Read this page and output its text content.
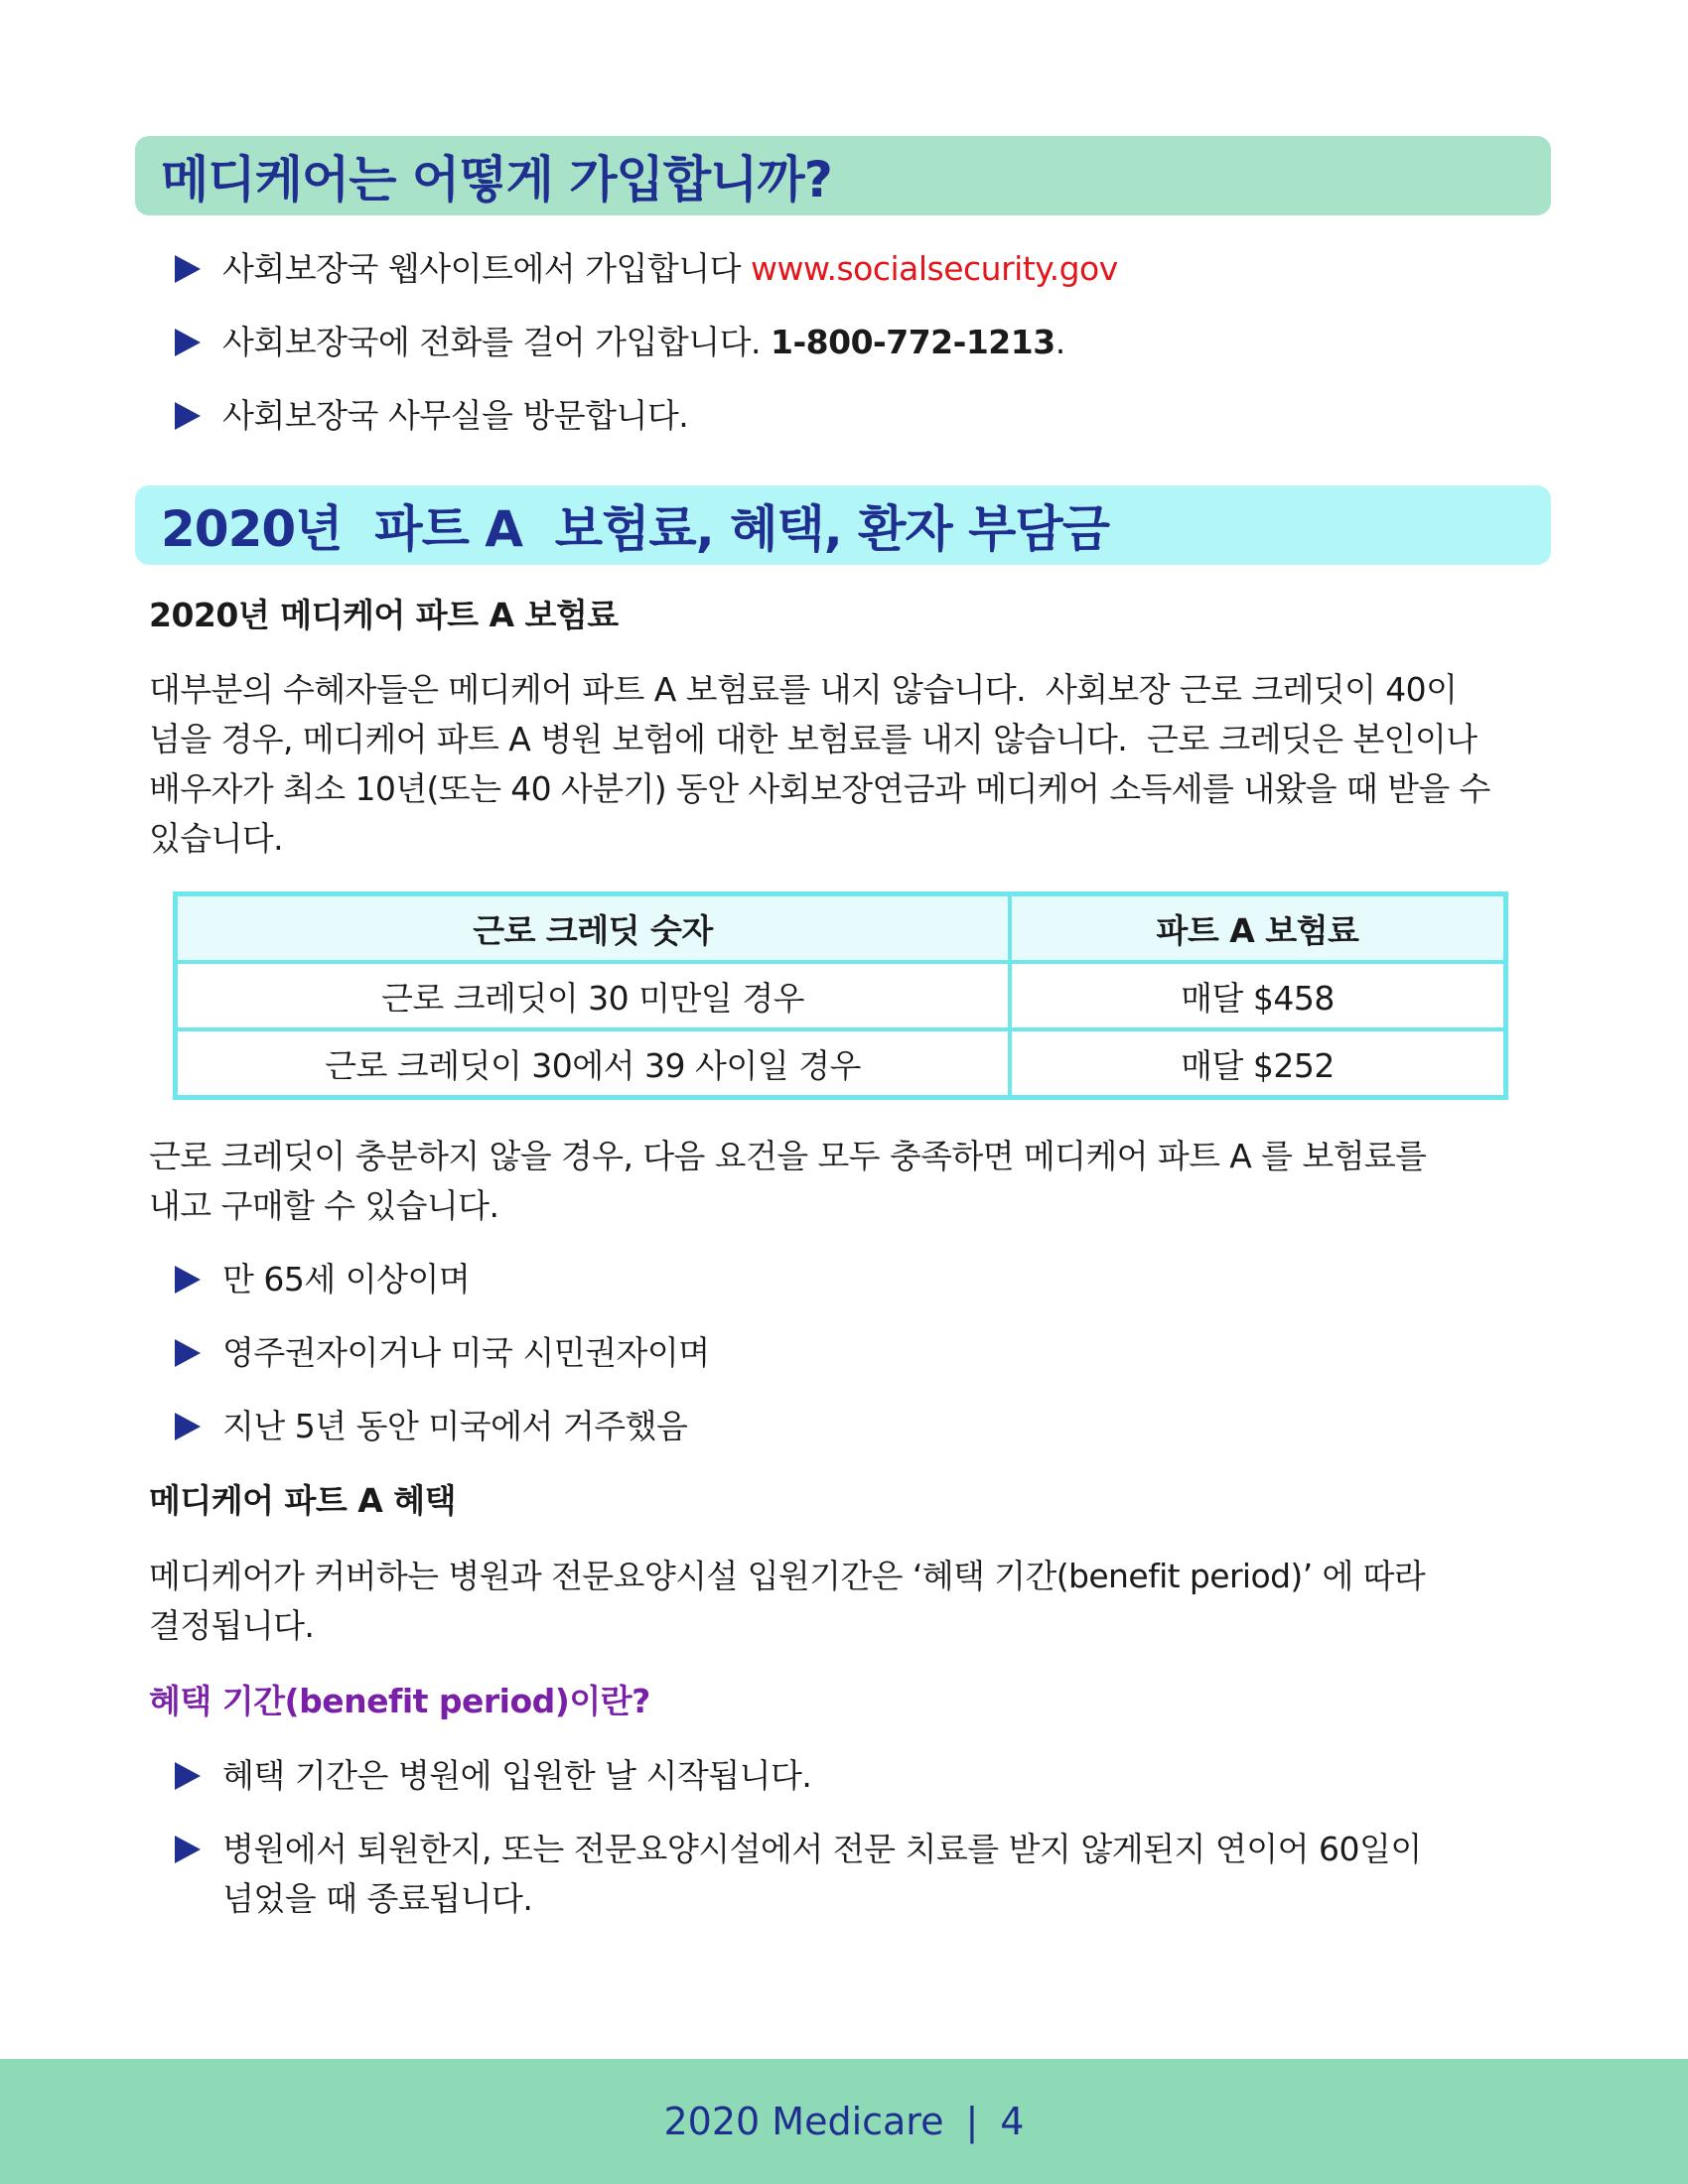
메디케어는 어떻게 가입합니까?
사회보장국 웹사이트에서 가입합니다 www.socialsecurity.gov
사회보장국에 전화를 걸어 가입합니다. 1-800-772-1213.
사회보장국 사무실을 방문합니다.
2020년  파트 A  보험료, 혜택, 환자 부담금
2020년 메디케어 파트 A 보험료
대부분의 수혜자들은 메디케어 파트 A 보험료를 내지 않습니다.  사회보장 근로 크레딧이 40이
넘을 경우, 메디케어 파트 A 병원 보험에 대한 보험료를 내지 않습니다.  근로 크레딧은 본인이나
배우자가 최소 10년(또는 40 사분기) 동안 사회보장연금과 메디케어 소득세를 내왔을 때 받을 수
있습니다.
근로 크레딧 숫자	파트 A 보험료
근로 크레딧이 30 미만일 경우	매달 $458
근로 크레딧이 30에서 39 사이일 경우	매달 $252
근로 크레딧이 충분하지 않을 경우, 다음 요건을 모두 충족하면 메디케어 파트 A 를 보험료를
내고 구매할 수 있습니다.
만 65세 이상이며
영주권자이거나 미국 시민권자이며
지난 5년 동안 미국에서 거주했음
메디케어 파트 A 혜택
메디케어가 커버하는 병원과 전문요양시설 입원기간은 ‘혜택 기간(benefit period)’ 에 따라
결정됩니다.
혜택 기간(benefit period)이란?
혜택 기간은 병원에 입원한 날 시작됩니다.
병원에서 퇴원한지, 또는 전문요양시설에서 전문 치료를 받지 않게된지 연이어 60일이
넘었을 때 종료됩니다.
2020 Medicare | 4
